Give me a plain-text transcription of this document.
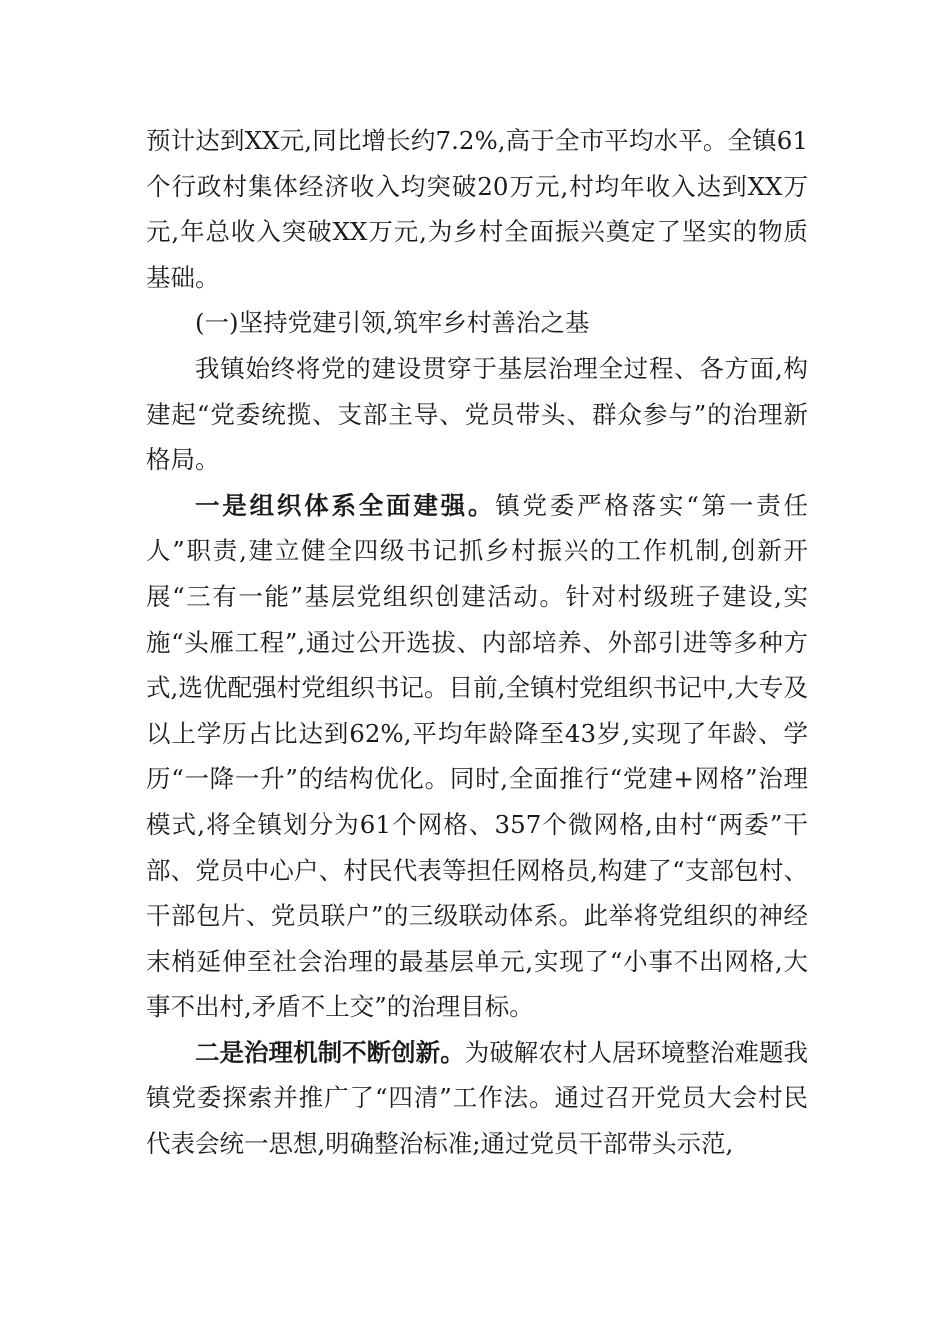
预计达到XX元,同比增长约7.2%,高于全市平均水平。全镇61个行政村集体经济收入均突破20万元,村均年收入达到XX万元,年总收入突破XX万元,为乡村全面振兴奠定了坚实的物质基础。

(一)坚持党建引领,筑牢乡村善治之基

我镇始终将党的建设贯穿于基层治理全过程、各方面,构建起“党委统揽、支部主导、党员带头、群众参与”的治理新格局。

一是组织体系全面建强。镇党委严格落实“第一责任人”职责,建立健全四级书记抓乡村振兴的工作机制,创新开展“三有一能”基层党组织创建活动。针对村级班子建设,实施“头雁工程”,通过公开选拔、内部培养、外部引进等多种方式,选优配强村党组织书记。目前,全镇村党组织书记中,大专及以上学历占比达到62%,平均年龄降至43岁,实现了年龄、学历“一降一升”的结构优化。同时,全面推行“党建+网格”治理模式,将全镇划分为61个网格、357个微网格,由村“两委”干部、党员中心户、村民代表等担任网格员,构建了“支部包村、干部包片、党员联户”的三级联动体系。此举将党组织的神经末梢延伸至社会治理的最基层单元,实现了“小事不出网格,大事不出村,矛盾不上交”的治理目标。

二是治理机制不断创新。为破解农村人居环境整治难题我镇党委探索并推广了“四清”工作法。通过召开党员大会村民代表会统一思想,明确整治标准;通过党员干部带头示范,
